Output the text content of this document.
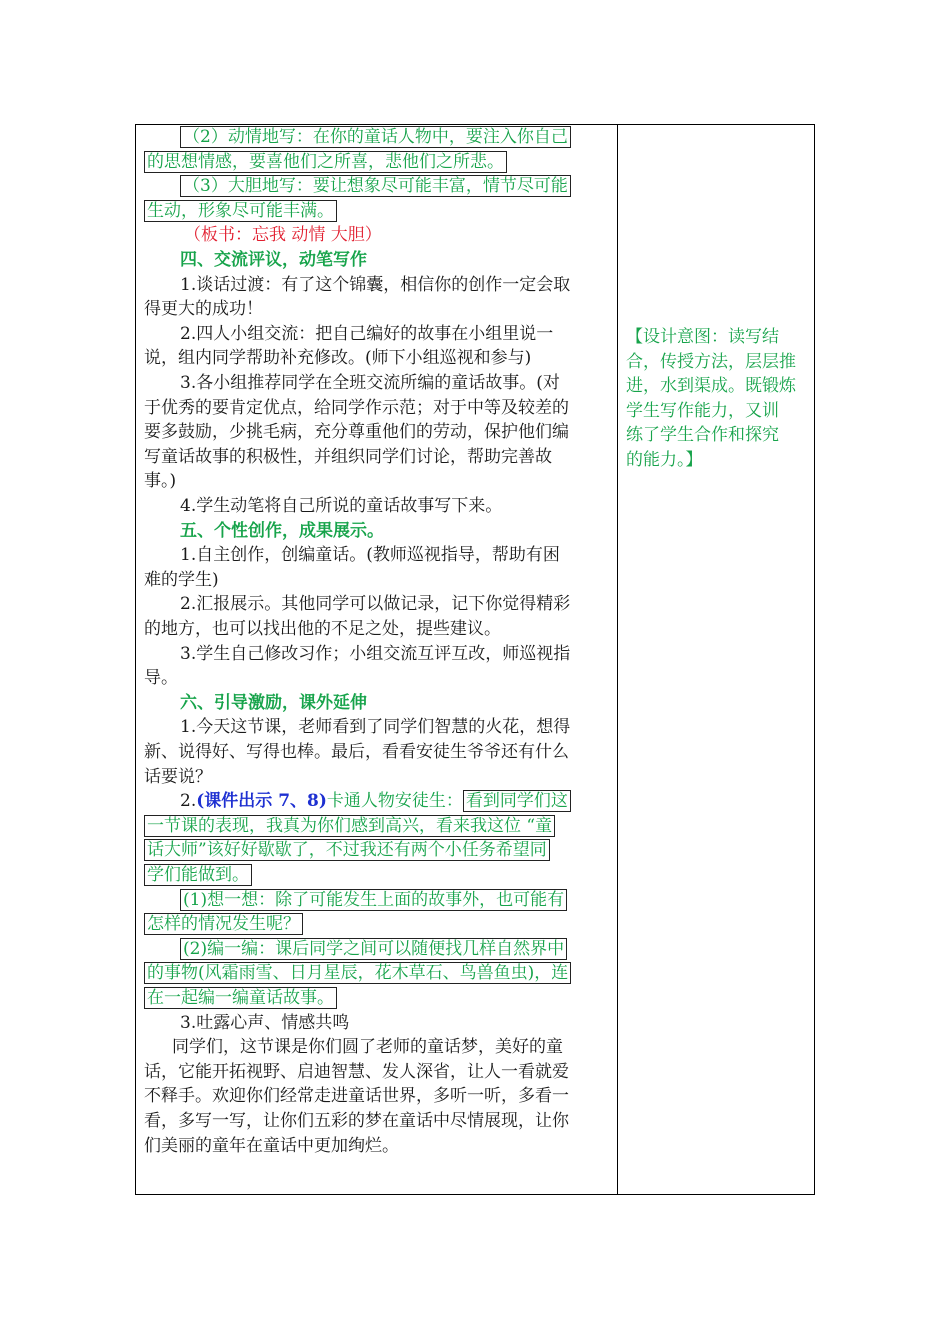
（2）动情地写：在你的童话人物中，要注入你自己
的思想情感，要喜他们之所喜，悲他们之所悲。
（3）大胆地写：要让想象尽可能丰富，情节尽可能
生动，形象尽可能丰满。
（板书：忘我 动情 大胆）
四、交流评议，动笔写作
1.谈话过渡：有了这个锦囊，相信你的创作一定会取
得更大的成功！
2.四人小组交流：把自己编好的故事在小组里说一
说，组内同学帮助补充修改。(师下小组巡视和参与)
3.各小组推荐同学在全班交流所编的童话故事。(对
于优秀的要肯定优点，给同学作示范；对于中等及较差的
要多鼓励，少挑毛病，充分尊重他们的劳动，保护他们编
写童话故事的积极性，并组织同学们讨论，帮助完善故
事。)
4.学生动笔将自己所说的童话故事写下来。
五、个性创作，成果展示。
1.自主创作，创编童话。(教师巡视指导，帮助有困
难的学生)
2.汇报展示。其他同学可以做记录，记下你觉得精彩
的地方，也可以找出他的不足之处，提些建议。
3.学生自己修改习作；小组交流互评互改，师巡视指
导。
六、引导激励，课外延伸
1.今天这节课，老师看到了同学们智慧的火花，想得
新、说得好、写得也棒。最后，看看安徒生爷爷还有什么
话要说？
2.(课件出示 7、8)卡通人物安徒生： 看到同学们这
一节课的表现，我真为你们感到高兴，看来我这位 “童
话大师”该好好歇歇了，不过我还有两个小任务希望同
学们能做到。
(1)想一想：除了可能发生上面的故事外，也可能有
怎样的情况发生呢？
(2)编一编：课后同学之间可以随便找几样自然界中
的事物(风霜雨雪、日月星辰，花木草石、鸟兽鱼虫)，连
在一起编一编童话故事。
3.吐露心声、情感共鸣
同学们，这节课是你们圆了老师的童话梦，美好的童
话，它能开拓视野、启迪智慧、发人深省，让人一看就爱
不释手。欢迎你们经常走进童话世界，多听一听，多看一
看，多写一写，让你们五彩的梦在童话中尽情展现，让你
们美丽的童年在童话中更加绚烂。
【设计意图：读写结
合，传授方法，层层推
进，水到渠成。既锻炼
学生写作能力，又训
练了学生合作和探究
的能力。】
